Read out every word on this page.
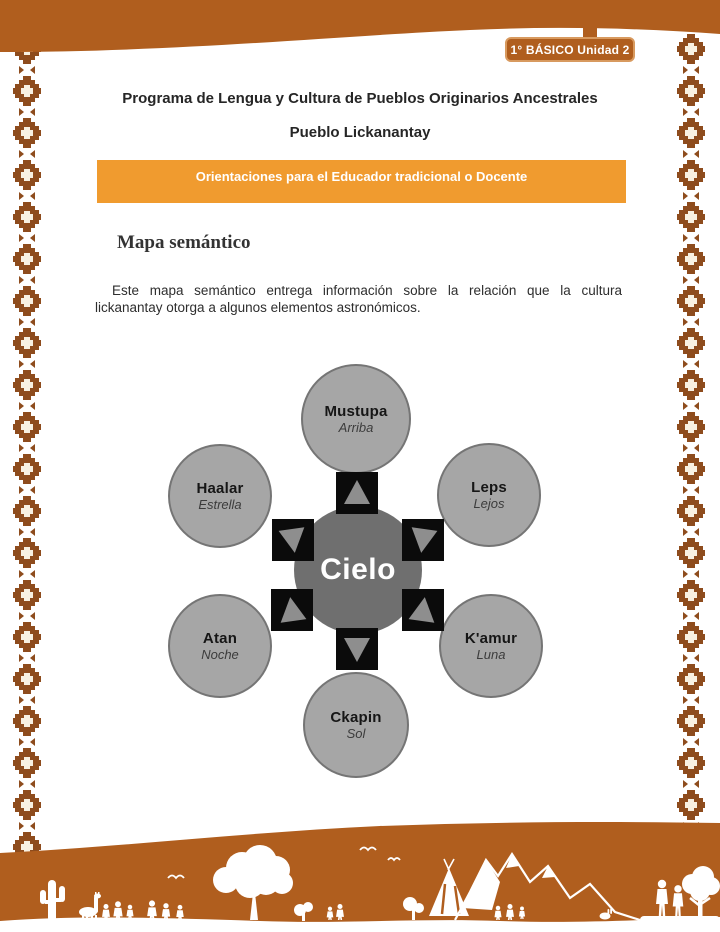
1° BÁSICO Unidad 2
Programa de Lengua y Cultura de Pueblos Originarios Ancestrales
Pueblo Lickanantay
Orientaciones para el Educador tradicional o Docente
Mapa semántico

Este mapa semántico entrega información sobre la relación que la cultura lickanantay otorga a algunos elementos astronómicos.

Mustupa
Arriba
Haalar
Estrella
Leps
Lejos
Atan
Noche
K'amur
Luna
Ckapin
Sol
Cielo
